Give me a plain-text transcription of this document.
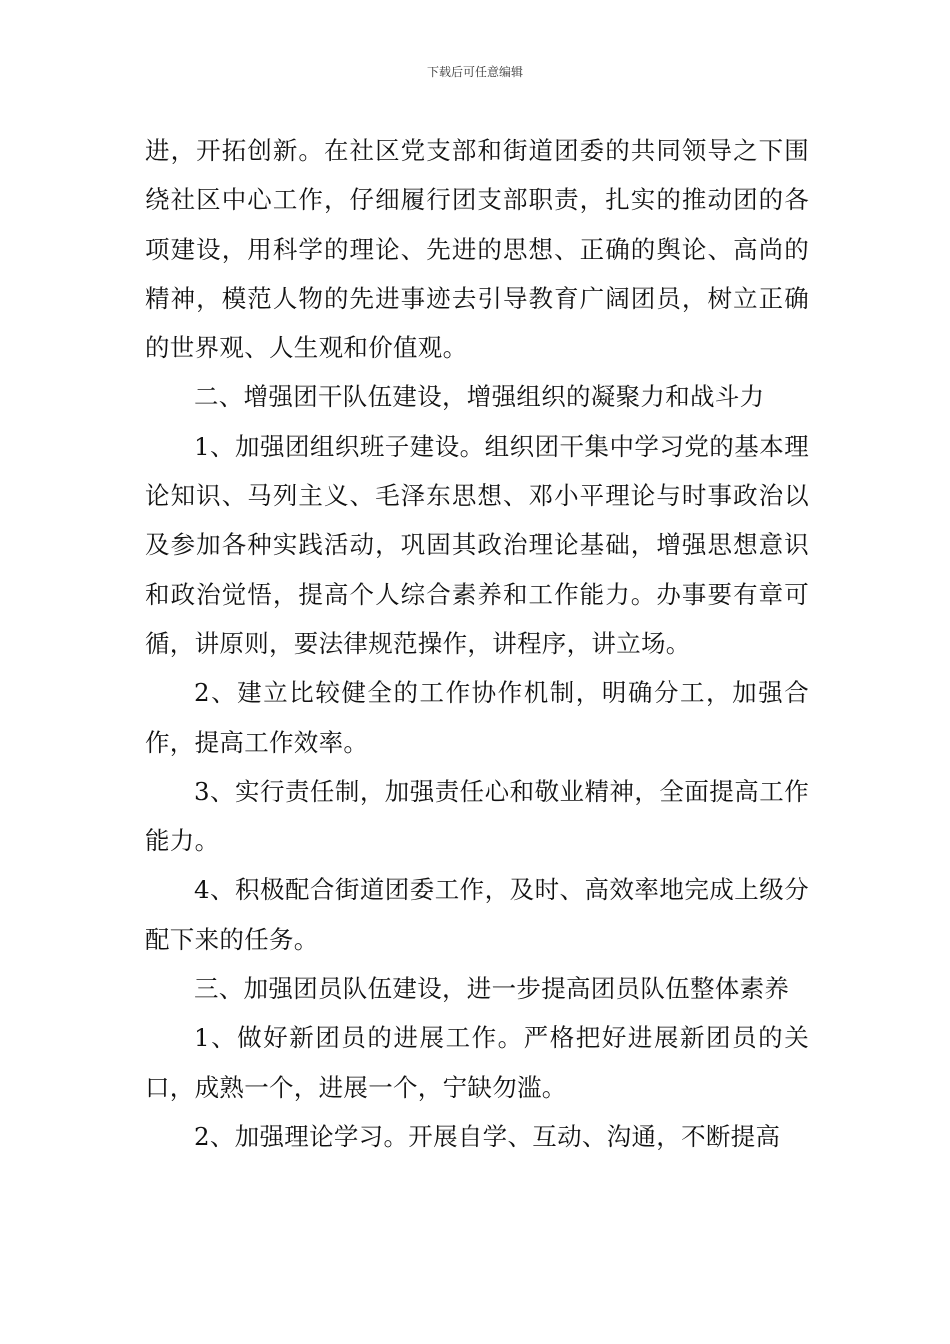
下载后可任意编辑

进，开拓创新。在社区党支部和街道团委的共同领导之下围绕社区中心工作，仔细履行团支部职责，扎实的推动团的各项建设，用科学的理论、先进的思想、正确的舆论、高尚的精神，模范人物的先进事迹去引导教育广阔团员，树立正确的世界观、人生观和价值观。

二、增强团干队伍建设，增强组织的凝聚力和战斗力

1、加强团组织班子建设。组织团干集中学习党的基本理论知识、马列主义、毛泽东思想、邓小平理论与时事政治以及参加各种实践活动，巩固其政治理论基础，增强思想意识和政治觉悟，提高个人综合素养和工作能力。办事要有章可循，讲原则，要法律规范操作，讲程序，讲立场。

2、建立比较健全的工作协作机制，明确分工，加强合作，提高工作效率。

3、实行责任制，加强责任心和敬业精神，全面提高工作能力。

4、积极配合街道团委工作，及时、高效率地完成上级分配下来的任务。

三、加强团员队伍建设，进一步提高团员队伍整体素养

1、做好新团员的进展工作。严格把好进展新团员的关口，成熟一个，进展一个，宁缺勿滥。

2、加强理论学习。开展自学、互动、沟通，不断提高
